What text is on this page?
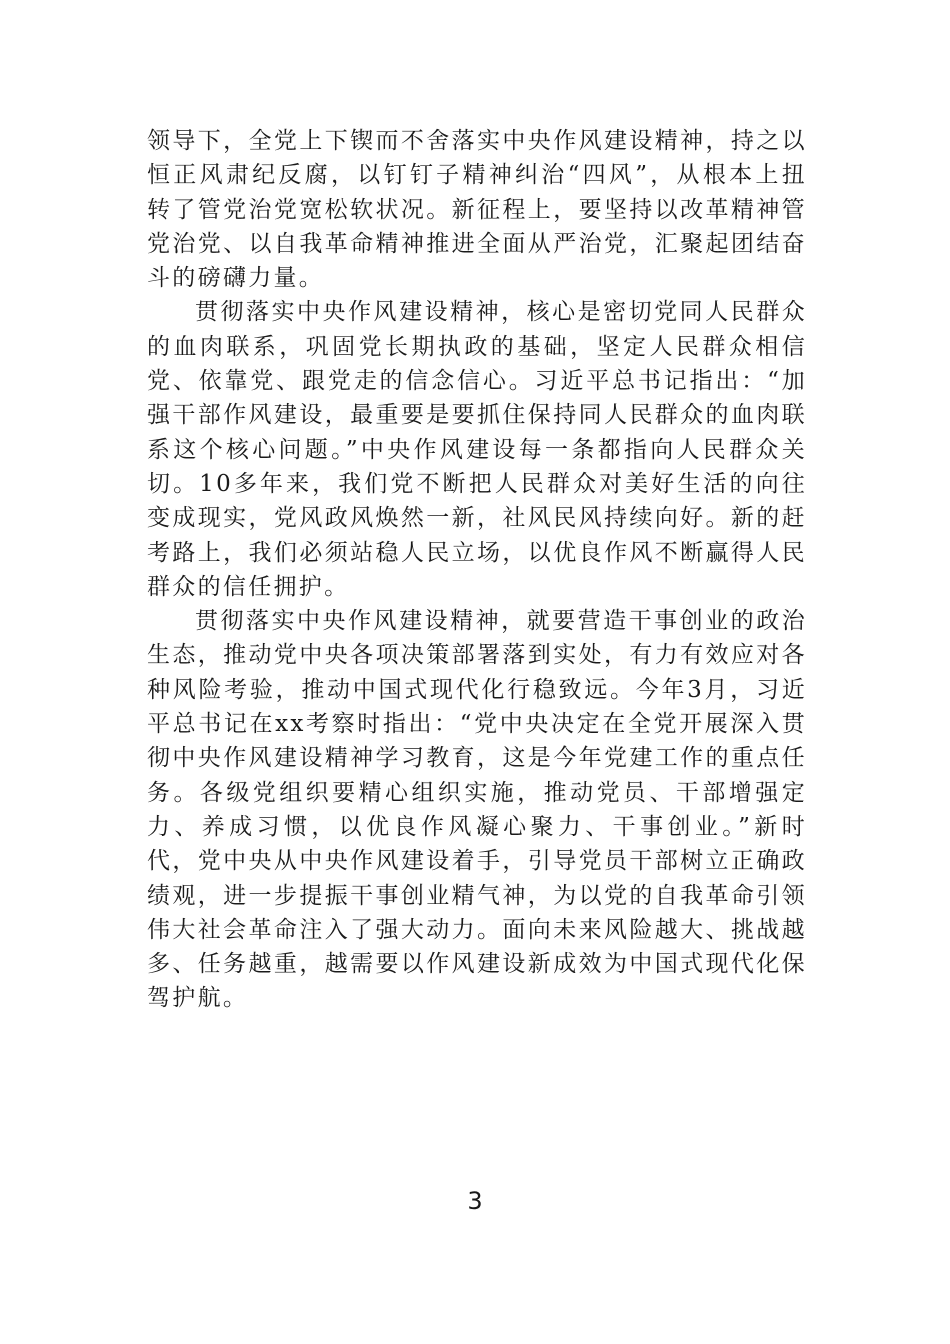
领导下，全党上下锲而不舍落实中央作风建设精神，持之以恒正风肃纪反腐，以钉钉子精神纠治“四风”，从根本上扭转了管党治党宽松软状况。新征程上，要坚持以改革精神管党治党、以自我革命精神推进全面从严治党，汇聚起团结奋斗的磅礴力量。

贯彻落实中央作风建设精神，核心是密切党同人民群众的血肉联系，巩固党长期执政的基础，坚定人民群众相信党、依靠党、跟党走的信念信心。习近平总书记指出：“加强干部作风建设，最重要是要抓住保持同人民群众的血肉联系这个核心问题。”中央作风建设每一条都指向人民群众关切。10多年来，我们党不断把人民群众对美好生活的向往变成现实，党风政风焕然一新，社风民风持续向好。新的赶考路上，我们必须站稳人民立场，以优良作风不断赢得人民群众的信任拥护。

贯彻落实中央作风建设精神，就要营造干事创业的政治生态，推动党中央各项决策部署落到实处，有力有效应对各种风险考验，推动中国式现代化行稳致远。今年3月，习近平总书记在xx考察时指出：“党中央决定在全党开展深入贯彻中央作风建设精神学习教育，这是今年党建工作的重点任务。各级党组织要精心组织实施，推动党员、干部增强定力、养成习惯，以优良作风凝心聚力、干事创业。”新时代，党中央从中央作风建设着手，引导党员干部树立正确政绩观，进一步提振干事创业精气神，为以党的自我革命引领伟大社会革命注入了强大动力。面向未来风险越大、挑战越多、任务越重，越需要以作风建设新成效为中国式现代化保驾护航。

3
